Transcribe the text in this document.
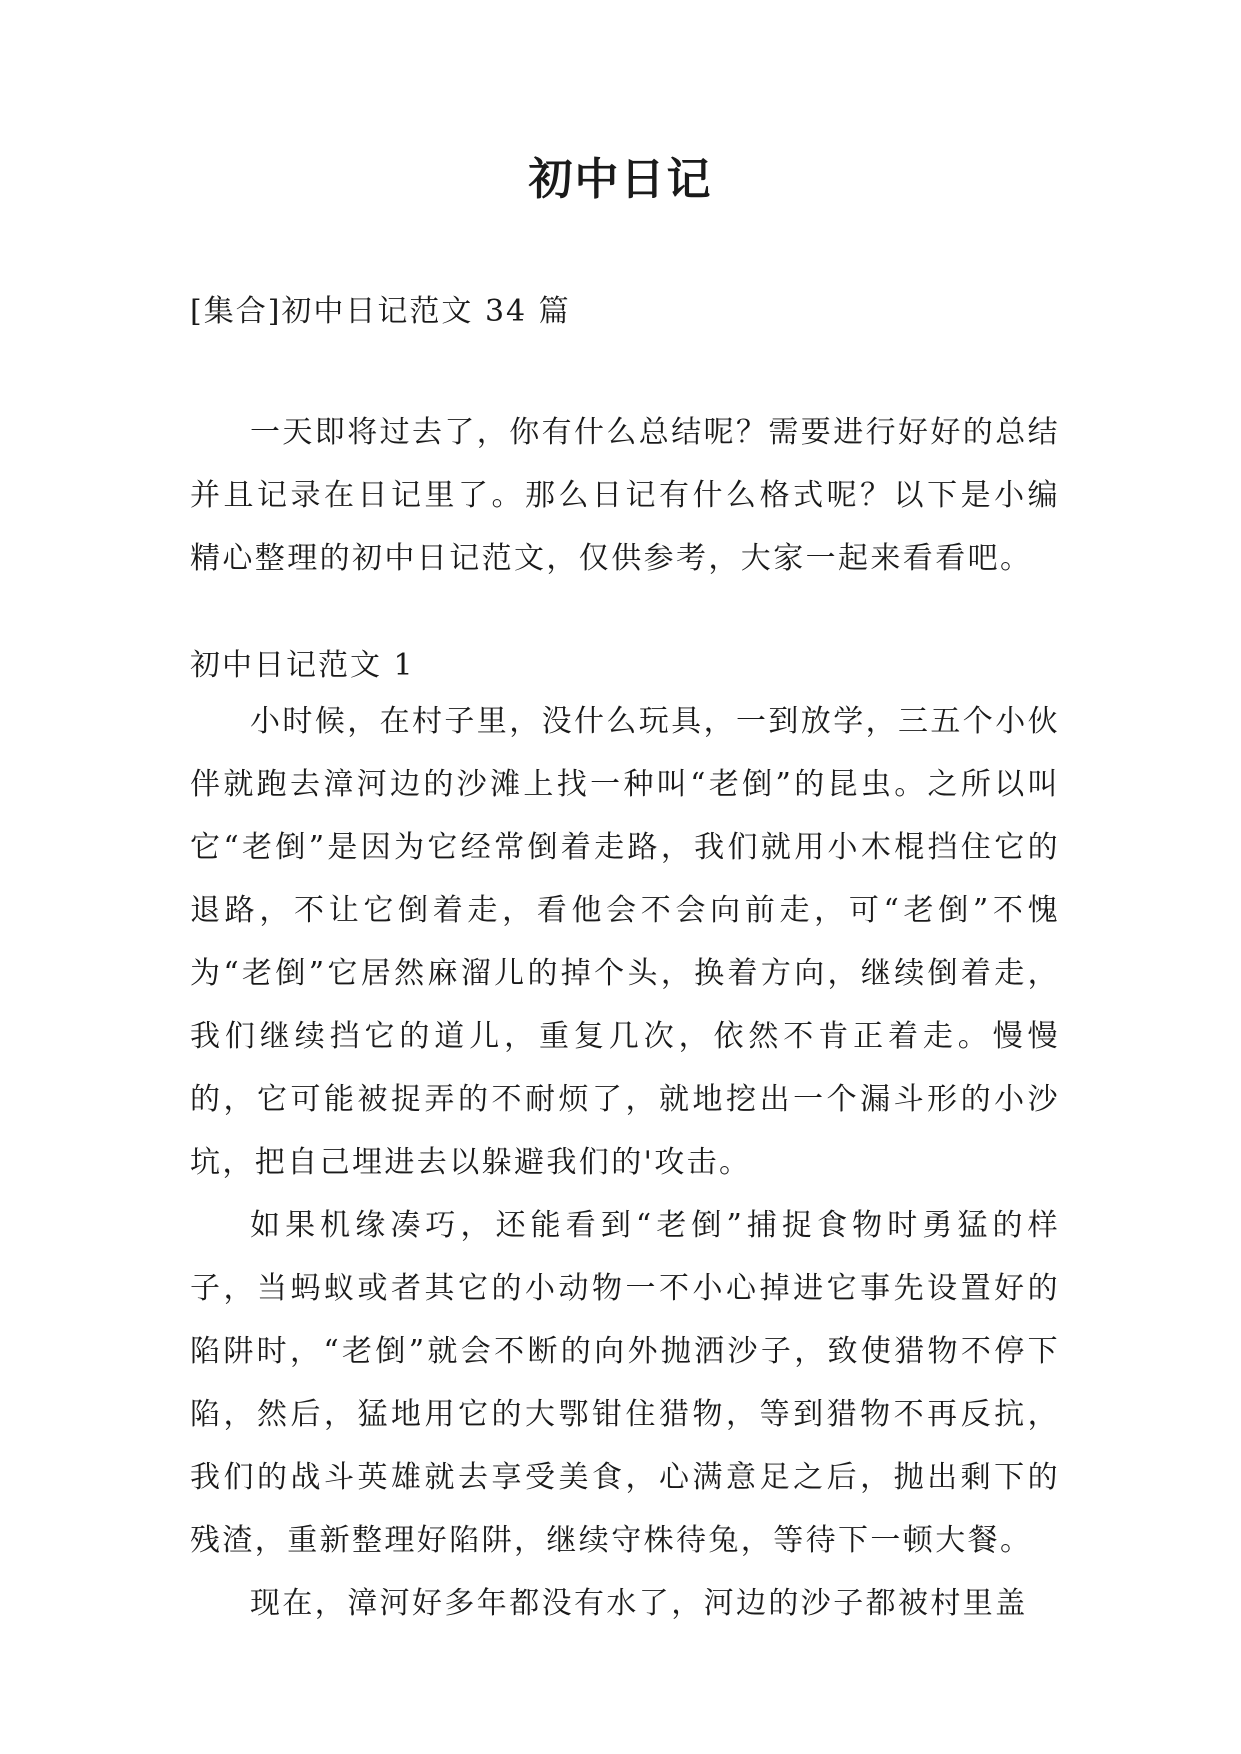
初中日记
[集合]初中日记范文 34 篇

一天即将过去了，你有什么总结呢？需要进行好好的总结并且记录在日记里了。那么日记有什么格式呢？以下是小编精心整理的初中日记范文，仅供参考，大家一起来看看吧。

初中日记范文 1

小时候，在村子里，没什么玩具，一到放学，三五个小伙伴就跑去漳河边的沙滩上找一种叫“老倒”的昆虫。之所以叫它“老倒”是因为它经常倒着走路，我们就用小木棍挡住它的退路，不让它倒着走，看他会不会向前走，可“老倒”不愧为“老倒”它居然麻溜儿的掉个头，换着方向，继续倒着走，我们继续挡它的道儿，重复几次，依然不肯正着走。慢慢的，它可能被捉弄的不耐烦了，就地挖出一个漏斗形的小沙坑，把自己埋进去以躲避我们的'攻击。

如果机缘凑巧，还能看到“老倒”捕捉食物时勇猛的样子，当蚂蚁或者其它的小动物一不小心掉进它事先设置好的陷阱时，“老倒”就会不断的向外抛洒沙子，致使猎物不停下陷，然后，猛地用它的大鄂钳住猎物，等到猎物不再反抗，我们的战斗英雄就去享受美食，心满意足之后，抛出剩下的残渣，重新整理好陷阱，继续守株待兔，等待下一顿大餐。

现在，漳河好多年都没有水了，河边的沙子都被村里盖
